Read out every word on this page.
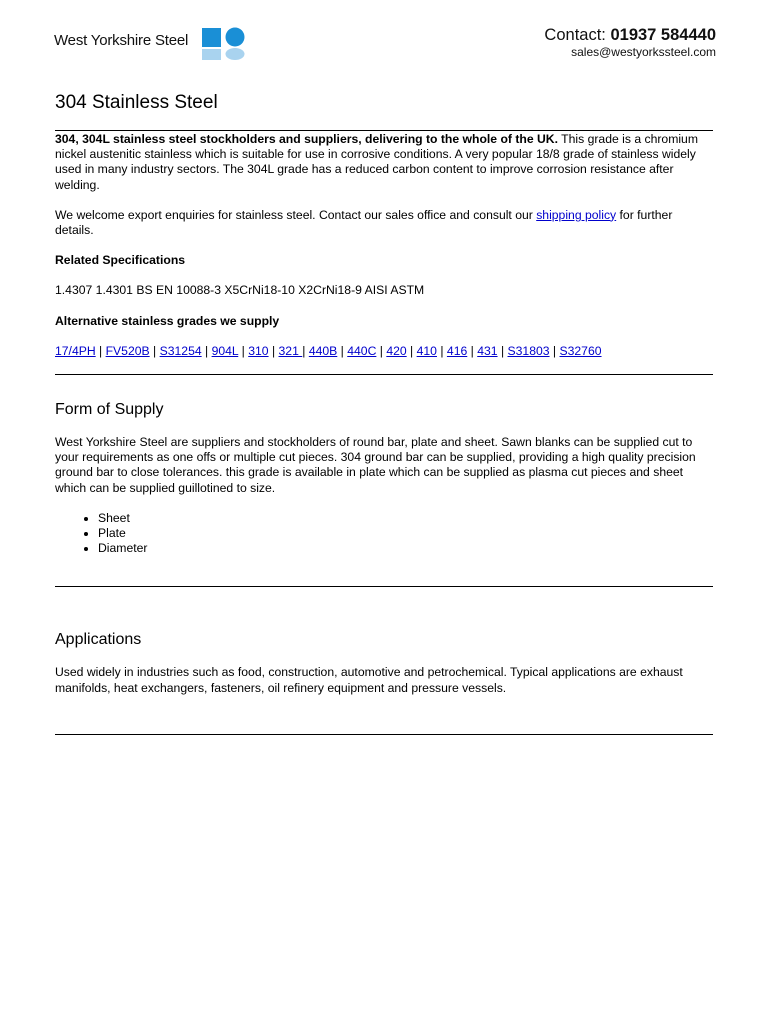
West Yorkshire Steel	Contact: 01937 584440
sales@westyorkssteel.com
304 Stainless Steel

304, 304L stainless steel stockholders and suppliers, delivering to the whole of the UK. This grade is a chromium nickel austenitic stainless which is suitable for use in corrosive conditions. A very popular 18/8 grade of stainless widely used in many industry sectors. The 304L grade has a reduced carbon content to improve corrosion resistance after welding.

We welcome export enquiries for stainless steel. Contact our sales office and consult our shipping policy for further details.

Related Specifications

1.4307 1.4301 BS EN 10088-3 X5CrNi18-10 X2CrNi18-9 AISI ASTM

Alternative stainless grades we supply

17/4PH | FV520B | S31254 | 904L | 310 | 321 | 440B | 440C | 420 | 410 | 416 | 431 | S31803 | S32760

Form of Supply

West Yorkshire Steel are suppliers and stockholders of round bar, plate and sheet. Sawn blanks can be supplied cut to your requirements as one offs or multiple cut pieces. 304 ground bar can be supplied, providing a high quality precision ground bar to close tolerances. this grade is available in plate which can be supplied as plasma cut pieces and sheet which can be supplied guillotined to size.

• Sheet
• Plate
• Diameter
Applications

Used widely in industries such as food, construction, automotive and petrochemical. Typical applications are exhaust manifolds, heat exchangers, fasteners, oil refinery equipment and pressure vessels.
